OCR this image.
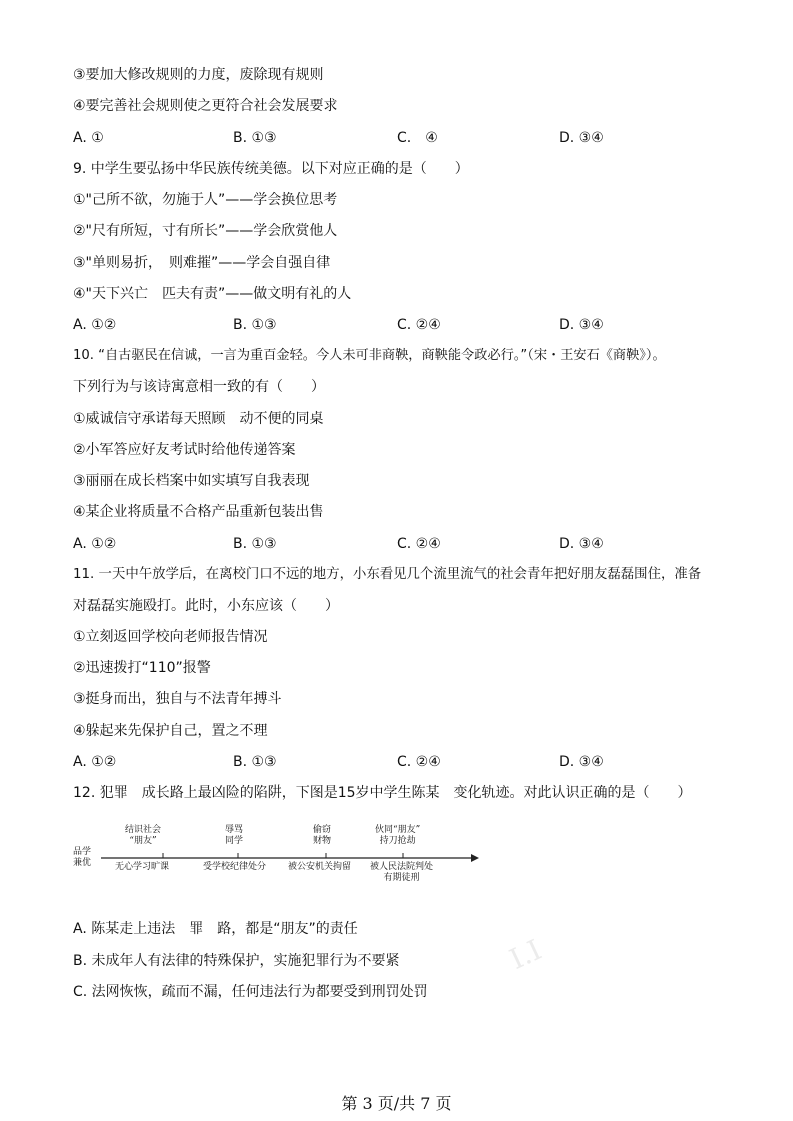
③要加大修改规则的力度，废除现有规则
④要完善社会规则使之更符合社会发展要求
A. ①	B. ①③	C.　④	D. ③④
9. 中学生要弘扬中华民族传统美德。以下对应正确的是（　　）
①"己所不欲，勿施于人”——学会换位思考
②"尺有所短，寸有所长”——学会欣赏他人
③"单则易折，　则难摧”——学会自强自律
④"天下兴亡　匹夫有责”——做文明有礼的人
A. ①②	B. ①③	C. ②④	D. ③④
10. “自古驱民在信诚，一言为重百金轻。今人未可非商鞅，商鞅能令政必行。”（宋・王安石《商鞅》）。
下列行为与该诗寓意相一致的有（　　）
①威诚信守承诺每天照顾　动不便的同桌
②小军答应好友考试时给他传递答案
③丽丽在成长档案中如实填写自我表现
④某企业将质量不合格产品重新包装出售
A. ①②	B. ①③	C. ②④	D. ③④
11. 一天中午放学后，在离校门口不远的地方，小东看见几个流里流气的社会青年把好朋友磊磊围住，准备
对磊磊实施殴打。此时，小东应该（　　）
①立刻返回学校向老师报告情况
②迅速拨打“110”报警
③挺身而出，独自与不法青年搏斗
④躲起来先保护自己，置之不理
A. ①②	B. ①③	C. ②④	D. ③④
12. 犯罪　成长路上最凶险的陷阱，下图是15岁中学生陈某　变化轨迹。对此认识正确的是（　　）
品学
兼优
结识社会
“朋友”
辱骂
同学
偷窃
财物
伙同“朋友”
持刀抢劫
无心学习旷课	受学校纪律处分 被公安机关拘留 被人民法院判处
有期徒刑
A. 陈某走上违法　罪　路，都是“朋友”的责任
B. 未成年人有法律的特殊保护，实施犯罪行为不要紧
C. 法网恢恢，疏而不漏，任何违法行为都要受到刑罚处罚
I.I
第 3 页/共 7 页
